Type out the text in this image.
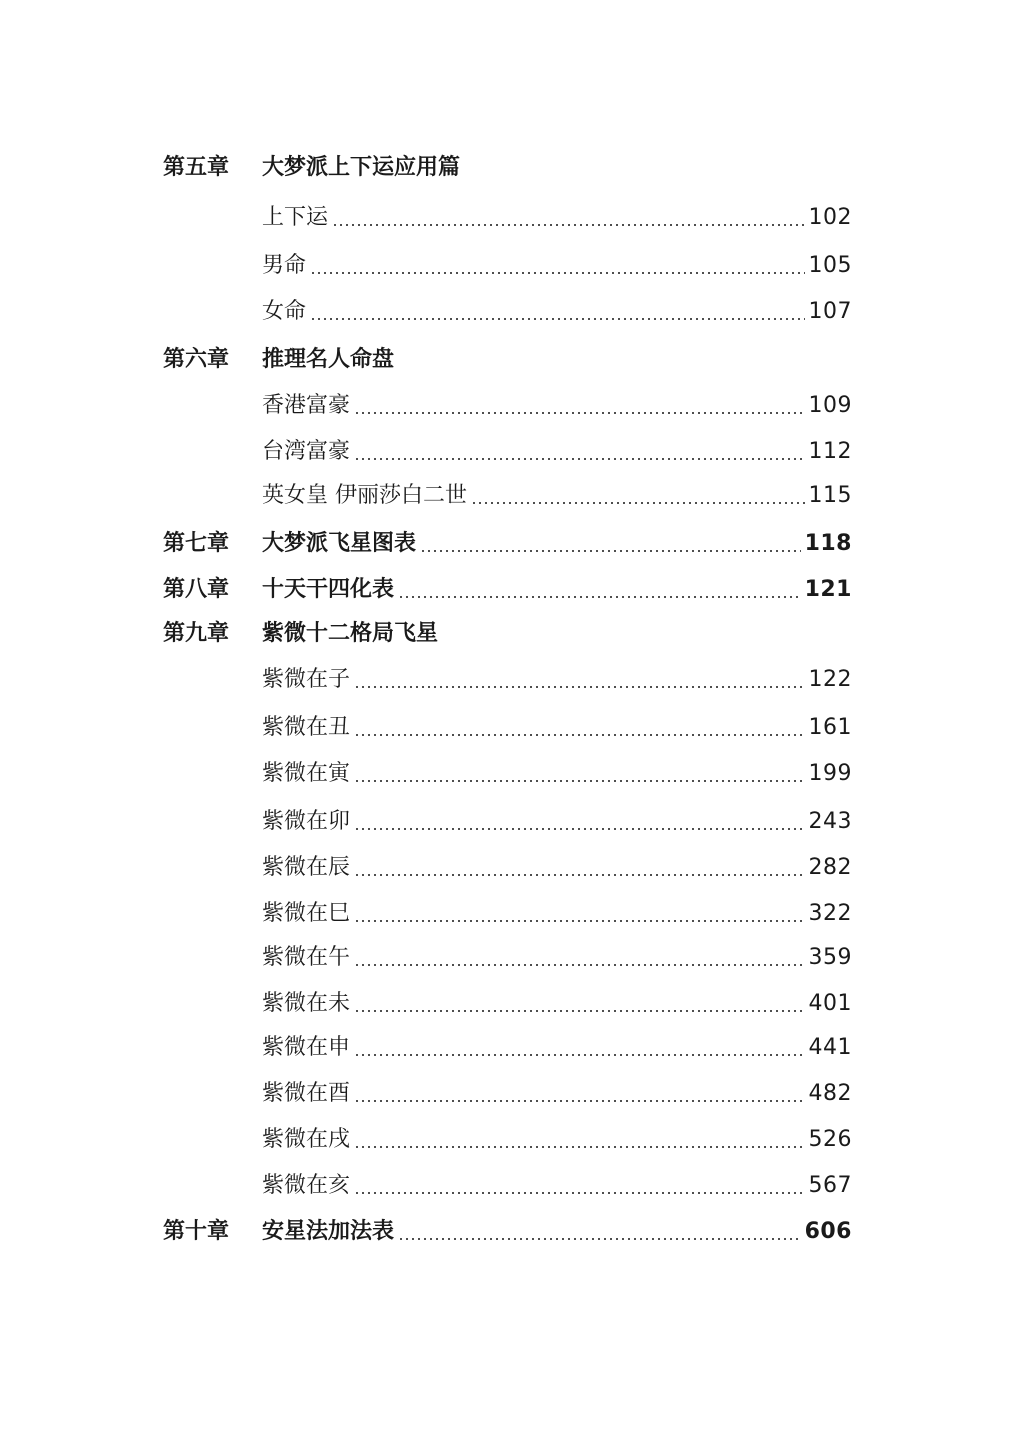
第五章 大梦派上下运应用篇
上下运	102
男命	105
女命	107
第六章 推理名人命盘
香港富豪	109
台湾富豪	112
英女皇 伊丽莎白二世	115
第七章 大梦派飞星图表	118
第八章 十天干四化表	121
第九章 紫微十二格局飞星
紫微在子	122
紫微在丑	161
紫微在寅	199
紫微在卯	243
紫微在辰	282
紫微在巳	322
紫微在午	359
紫微在未	401
紫微在申	441
紫微在酉	482
紫微在戌	526
紫微在亥	567
第十章 安星法加法表	606
